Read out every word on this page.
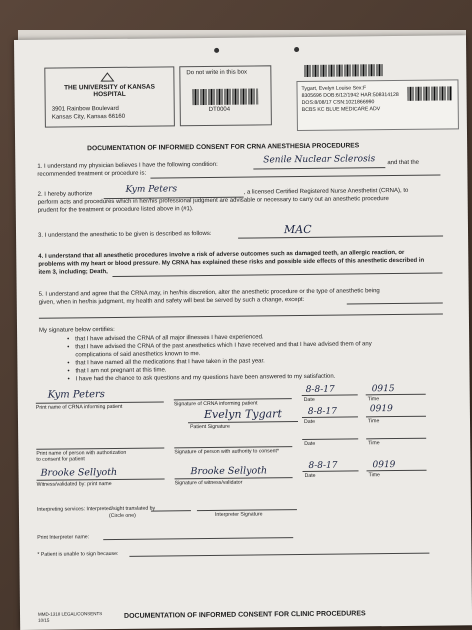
THE UNIVERSITY of KANSAS HOSPITAL
3901 Rainbow Boulevard
Kansas City, Kansas 66160
Do not write in this box
DT0004
Tygart, Evelyn Louise Sex:F
8305696 DOB:6/12/1942 HAR:508314128
DOS:8/08/17 CSN:1021866990
BCBS KC BLUE MEDICARE ADV
DOCUMENTATION OF INFORMED CONSENT FOR CRNA ANESTHESIA PROCEDURES
1. I understand my physician believes I have the following condition:
Senile Nuclear Sclerosis and that the
recommended treatment or procedure is:
2. I hereby authorize	Kym Peters	, a licensed Certified Registered Nurse Anesthetist (CRNA), to
perform acts and procedures which in her/his professional judgment are advisable or necessary to carry out an anesthetic procedure
prudent for the treatment or procedure listed above in (#1).
3. I understand the anesthetic to be given is described as follows:	MAC
4. I understand that all anesthetic procedures involve a risk of adverse outcomes such as damaged teeth, an allergic reaction, or
problems with my heart or blood pressure. My CRNA has explained these risks and possible side effects of this anesthetic described in
item 3, including; Death,
5. I understand and agree that the CRNA may, in her/his discretion, alter the anesthetic procedure or the type of anesthetic being
given, when in her/his judgment, my health and safety will best be served by such a change, except:
My signature below certifies:
• that I have advised the CRNA of all major illnesses I have experienced.
• that I have advised the CRNA of the past anesthetics which I have received and that I have advised them of any
complications of said anesthetics known to me.
• that I have named all the medications that I have taken in the past year.
• that I am not pregnant at this time.
• I have had the chance to ask questions and my questions have been answered to my satisfaction.
Kym Peters
Print name of CRNA informing patient	Signature of CRNA informing patient
8-8-17	0915
Date	Time
Evelyn Tygart
Patient Signature
8-8-17	0919
Date	Time
Print name of person with authorization
to consent for patient
Signature of person with authority to consent*
Date	Time
Brooke Sellyoth
Witness/validated by: print name
Brooke Sellyoth
Signature of witness/validator
8-8-17	0919
Date	Time
Interpreting services: Interpreted/sight translated by
(Circle one)	Interpreter Signature
Print Interpreter name:
* Patient is unable to sign because:
MMD-1318 LEGAL/CONSENTS
10/15
DOCUMENTATION OF INFORMED CONSENT FOR CLINIC PROCEDURES
